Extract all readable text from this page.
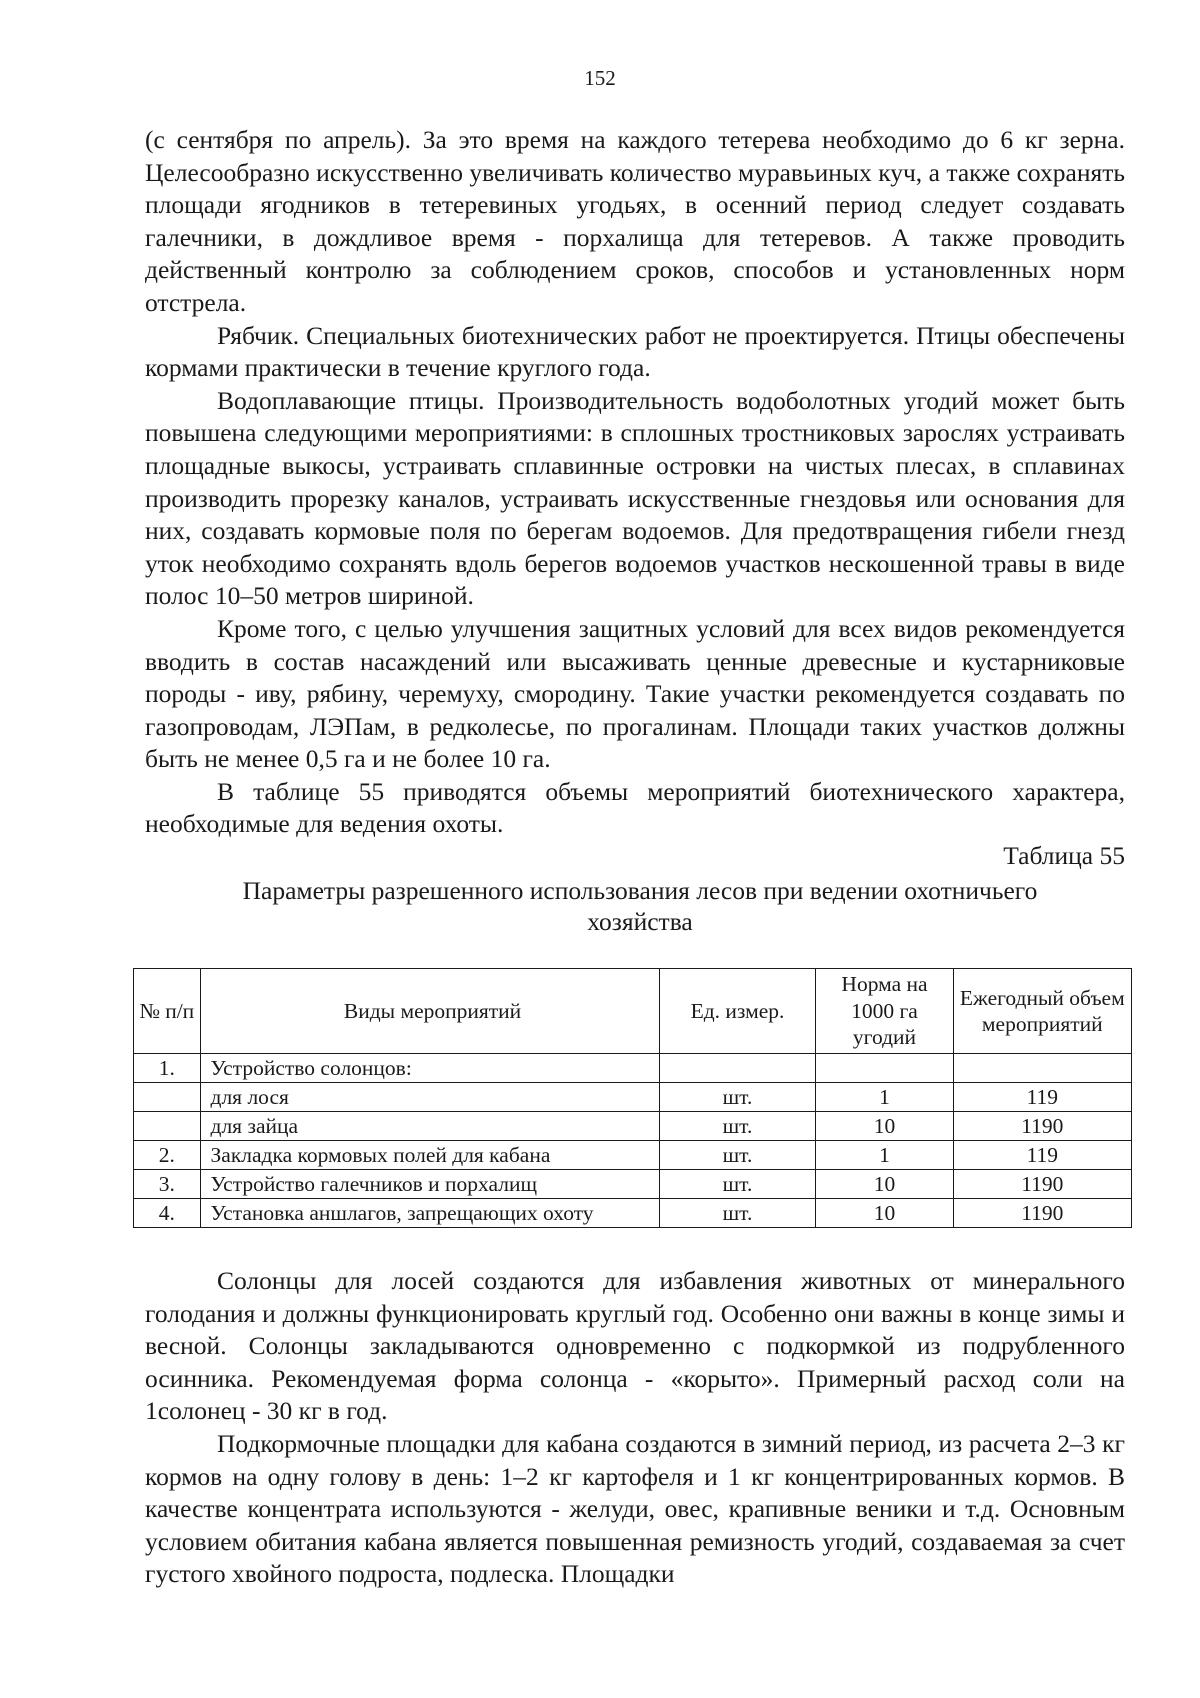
152

(с сентября по апрель). За это время на каждого тетерева необходимо до 6 кг зерна. Целесообразно искусственно увеличивать количество муравьиных куч, а также сохранять площади ягодников в тетеревиных угодьях, в осенний период следует создавать галечники, в дождливое время - порхалища для тетеревов. А также проводить действенный контролю за соблюдением сроков, способов и установленных норм отстрела.

Рябчик. Специальных биотехнических работ не проектируется. Птицы обеспечены кормами практически в течение круглого года.

Водоплавающие птицы. Производительность водоболотных угодий может быть повышена следующими мероприятиями: в сплошных тростниковых зарослях устраивать площадные выкосы, устраивать сплавинные островки на чистых плесах, в сплавинах производить прорезку каналов, устраивать искусственные гнездовья или основания для них, создавать кормовые поля по берегам водоемов. Для предотвращения гибели гнезд уток необходимо сохранять вдоль берегов водоемов участков нескошенной травы в виде полос 10–50 метров шириной.

Кроме того, с целью улучшения защитных условий для всех видов рекомендуется вводить в состав насаждений или высаживать ценные древесные и кустарниковые породы - иву, рябину, черемуху, смородину. Такие участки рекомендуется создавать по газопроводам, ЛЭПам, в редколесье, по прогалинам. Площади таких участков должны быть не менее 0,5 га и не более 10 га.

В таблице 55 приводятся объемы мероприятий биотехнического характера, необходимые для ведения охоты.

Таблица 55
Параметры разрешенного использования лесов при ведении охотничьего хозяйства
№ п/п	Виды мероприятий	Ед. измер.	Норма на 1000 га угодий	Ежегодный объем мероприятий
1.	Устройство солонцов:			
	для лося	шт.	1	119
	для зайца	шт.	10	1190
2.	Закладка кормовых полей для кабана	шт.	1	119
3.	Устройство галечников и порхалищ	шт.	10	1190
4.	Установка аншлагов, запрещающих охоту	шт.	10	1190

Солонцы для лосей создаются для избавления животных от минерального голодания и должны функционировать круглый год. Особенно они важны в конце зимы и весной. Солонцы закладываются одновременно с подкормкой из подрубленного осинника. Рекомендуемая форма солонца - «корыто». Примерный расход соли на 1солонец - 30 кг в год.

Подкормочные площадки для кабана создаются в зимний период, из расчета 2–3 кг кормов на одну голову в день: 1–2 кг картофеля и 1 кг концентрированных кормов. В качестве концентрата используются - желуди, овес, крапивные веники и т.д. Основным условием обитания кабана является повышенная ремизность угодий, создаваемая за счет густого хвойного подроста, подлеска. Площадки
